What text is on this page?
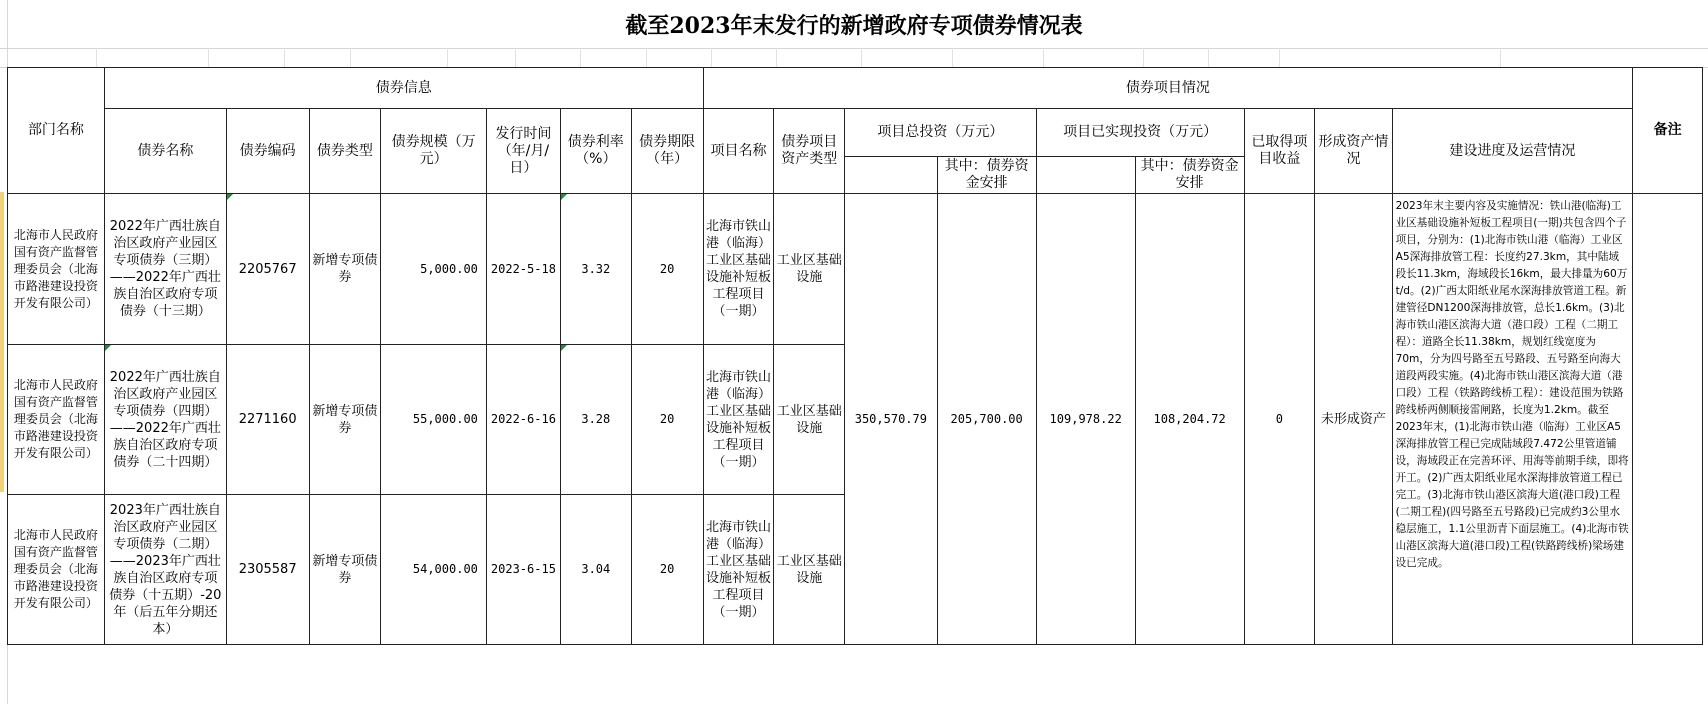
截至2023年末发行的新增政府专项债券情况表
部门名称	债券信息							债券项目情况									备注
	债券名称	债券编码	债券类型	债券规模（万元）	发行时间（年/月/日）	债券利率（%）	债券期限（年）	项目名称	债券项目资产类型	项目总投资（万元）		项目已实现投资（万元）		已取得项目收益	形成资产情况	建设进度及运营情况	
											其中：债券资金安排		其中：债券资金安排				
北海市人民政府国有资产监督管理委员会（北海市路港建设投资开发有限公司）	2022年广西壮族自治区政府产业园区专项债券（三期）——2022年广西壮族自治区政府专项债券（十三期）	2205767	新增专项债券	5,000.00	2022-5-18	3.32	20	北海市铁山港（临海）工业区基础设施补短板工程项目（一期）	工业区基础设施	350,570.79	205,700.00	109,978.22	108,204.72	0	未形成资产	2023年末主要内容及实施情况：铁山港(临海)工业区基础设施补短板工程项目(一期)共包含四个子项目，分别为：(1)北海市铁山港（临海）工业区A5深海排放管工程：长度约27.3km，其中陆域段长11.3km，海域段长16km，最大排量为60万 t/d。(2)广西太阳纸业尾水深海排放管道工程。新建管径DN1200深海排放管，总长1.6km。(3)北海市铁山港区滨海大道（港口段）工程（二期工程）：道路全长11.38km，规划红线宽度为70m，分为四号路至五号路段、五号路至向海大道段两段实施。(4)北海市铁山港区滨海大道（港口段）工程（铁路跨线桥工程）：建设范围为铁路跨线桥两侧顺接雷闸路，长度为1.2km。截至2023年末，(1)北海市铁山港（临海）工业区A5深海排放管工程已完成陆域段7.472公里管道铺设，海域段正在完善环评、用海等前期手续，即将开工。(2)广西太阳纸业尾水深海排放管道工程已完工。(3)北海市铁山港区滨海大道(港口段)工程(二期工程)(四号路至五号路段)已完成约3公里水稳层施工，1.1公里沥青下面层施工。(4)北海市铁山港区滨海大道(港口段)工程(铁路跨线桥)梁场建设已完成。	
北海市人民政府国有资产监督管理委员会（北海市路港建设投资开发有限公司）	2022年广西壮族自治区政府产业园区专项债券（四期）——2022年广西壮族自治区政府专项债券（二十四期）	2271160	新增专项债券	55,000.00	2022-6-16	3.28	20	北海市铁山港（临海）工业区基础设施补短板工程项目（一期）	工业区基础设施								
北海市人民政府国有资产监督管理委员会（北海市路港建设投资开发有限公司）	2023年广西壮族自治区政府产业园区专项债券（二期）——2023年广西壮族自治区政府专项债券（十五期）-20年（后五年分期还本）	2305587	新增专项债券	54,000.00	2023-6-15	3.04	20	北海市铁山港（临海）工业区基础设施补短板工程项目（一期）	工业区基础设施								
